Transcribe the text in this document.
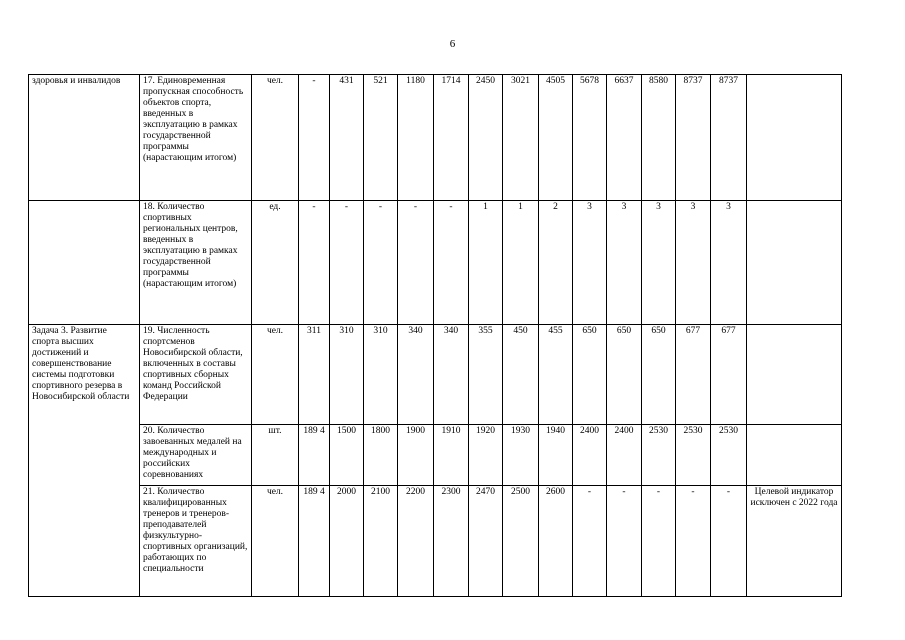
6
здоровья и инвалидов	17. Единовременная пропускная способность объектов спорта, введенных в эксплуатацию в рамках государственной программы (нарастающим итогом)	чел.	-	431	521	1180	1714	2450	3021	4505	5678	6637	8580	8737	8737	
	18. Количество спортивных региональных центров, введенных в эксплуатацию в рамках государственной программы (нарастающим итогом)	ед.	-	-	-	-	-	1	1	2	3	3	3	3	3	
Задача 3. Развитие спорта высших достижений и совершенствование системы подготовки спортивного резерва в Новосибирской области	19. Численность спортсменов Новосибирской области, включенных в составы спортивных сборных команд Российской Федерации	чел.	311	310	310	340	340	355	450	455	650	650	650	677	677	
	20. Количество завоеванных медалей на международных и российских соревнованиях	шт.	189 4	1500	1800	1900	1910	1920	1930	1940	2400	2400	2530	2530	2530	
	21. Количество квалифицированных тренеров и тренеров-преподавателей физкультурно-спортивных организаций, работающих по специальности	чел.	189 4	2000	2100	2200	2300	2470	2500	2600	-	-	-	-	-	Целевой индикатор исключен с 2022 года
